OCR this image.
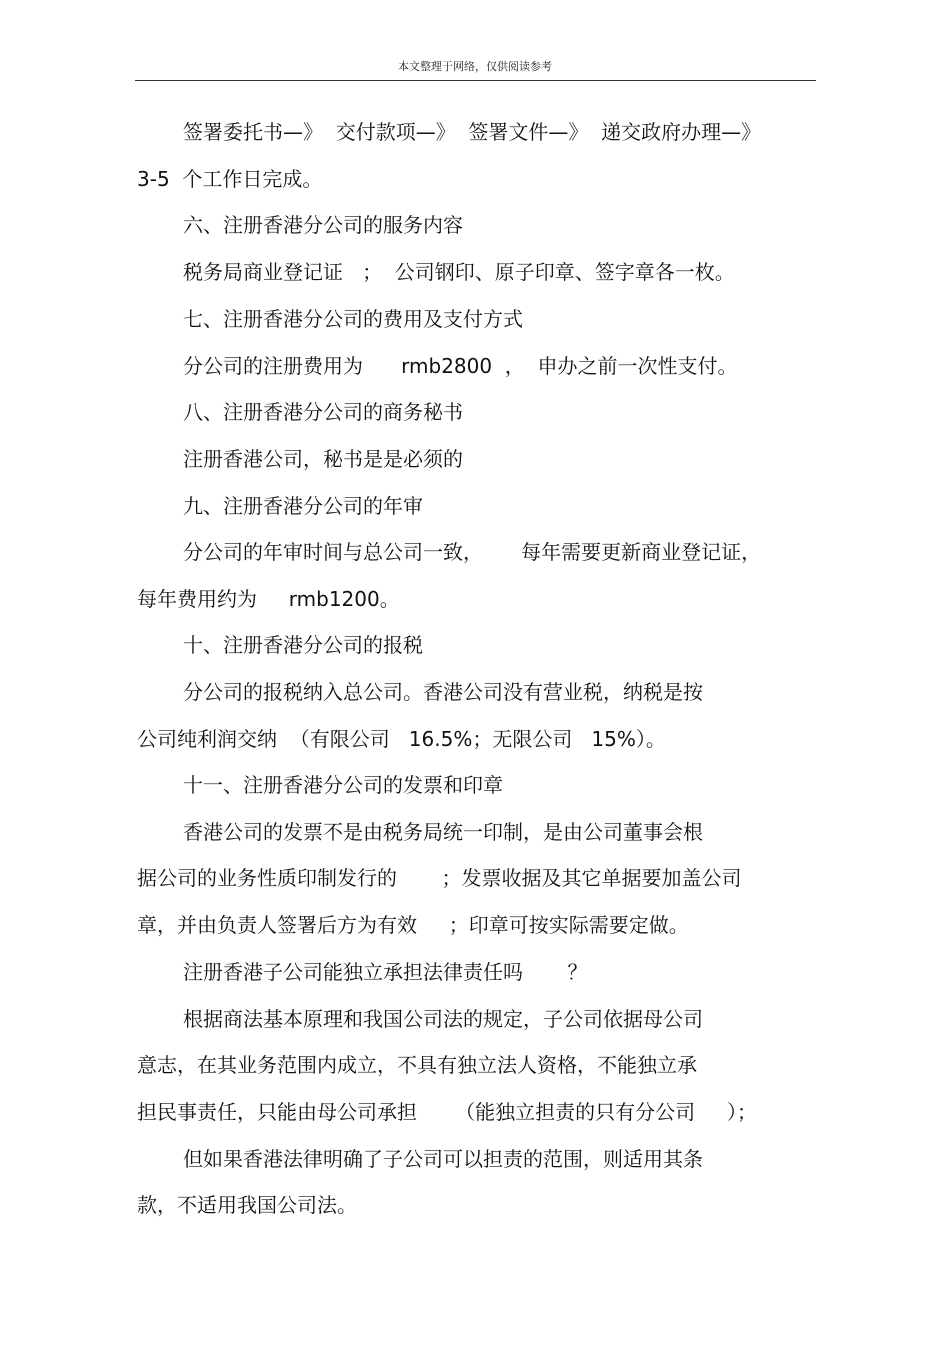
本文整理于网络，仅供阅读参考
签署委托书—》  交付款项—》  签署文件—》  递交政府办理—》
3-5  个工作日完成。
六、注册香港分公司的服务内容
税务局商业登记证   ；  公司钢印、原子印章、签字章各一枚。
七、注册香港分公司的费用及支付方式
分公司的注册费用为      rmb2800  ，  申办之前一次性支付。
八、注册香港分公司的商务秘书
注册香港公司，秘书是是必须的
九、注册香港分公司的年审
分公司的年审时间与总公司一致，      每年需要更新商业登记证，
每年费用约为     rmb1200。
十、注册香港分公司的报税
分公司的报税纳入总公司。香港公司没有营业税，纳税是按
公司纯利润交纳  （有限公司   16.5%；无限公司   15%）。
十一、注册香港分公司的发票和印章
香港公司的发票不是由税务局统一印制，是由公司董事会根
据公司的业务性质印制发行的       ；发票收据及其它单据要加盖公司
章，并由负责人签署后方为有效     ；印章可按实际需要定做。
注册香港子公司能独立承担法律责任吗       ？
根据商法基本原理和我国公司法的规定，子公司依据母公司
意志，在其业务范围内成立，不具有独立法人资格，不能独立承
担民事责任，只能由母公司承担      （能独立担责的只有分公司     ）；
但如果香港法律明确了子公司可以担责的范围，则适用其条
款，不适用我国公司法。
